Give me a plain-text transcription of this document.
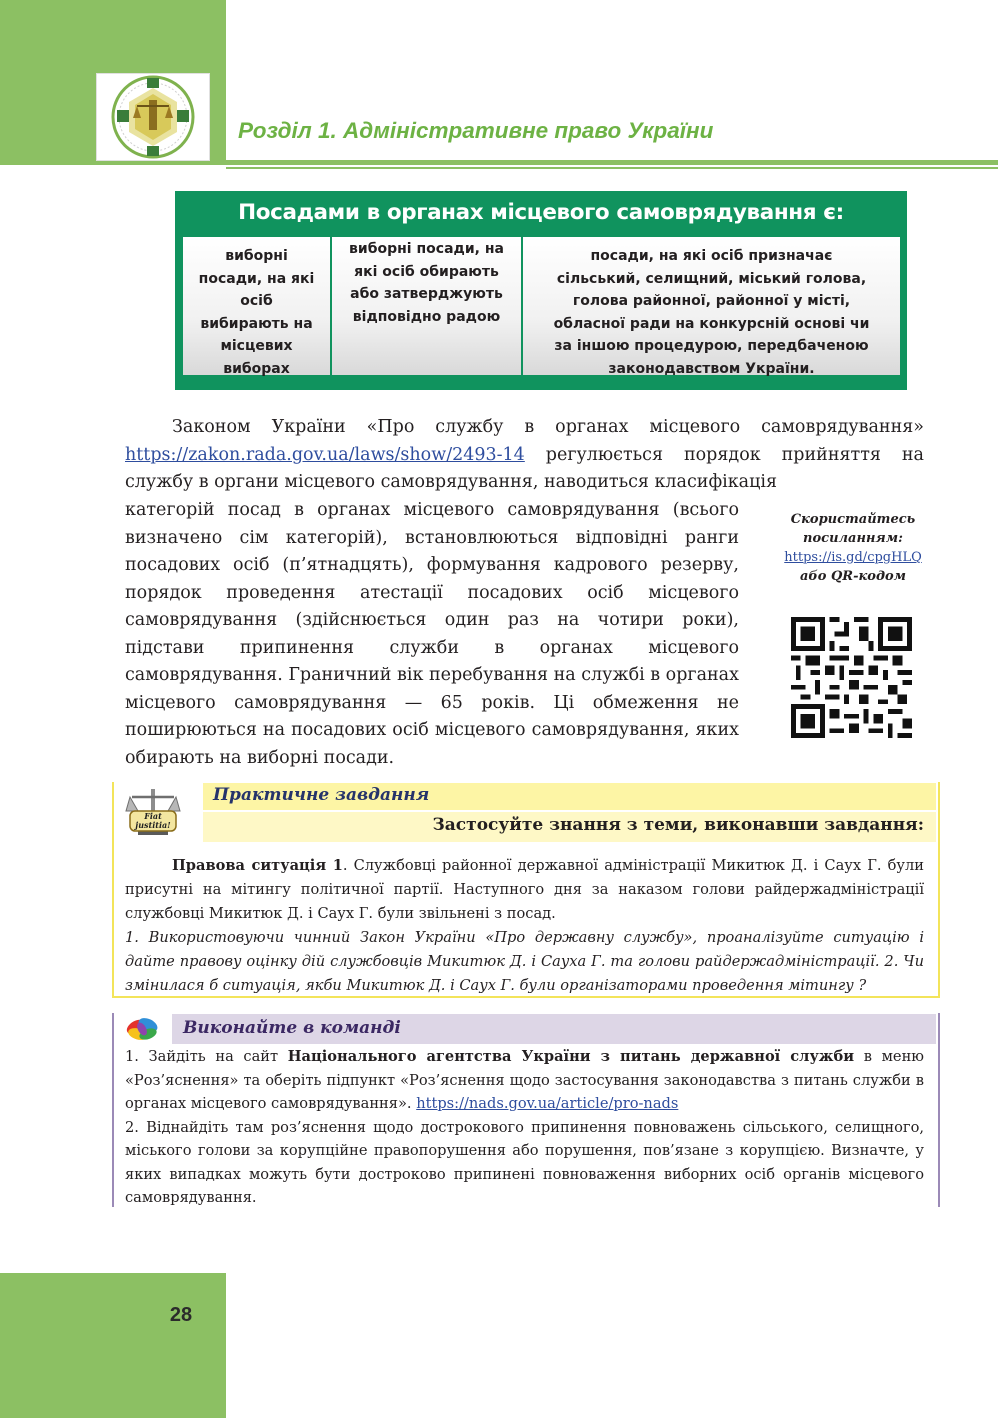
Розділ 1. Адміністративне право України
Посадами в органах місцевого самоврядування є:
виборні посади, на які осіб вибирають на місцевих виборах
виборні посади, на які осіб обирають або затверджують відповідно радою
посади, на які осіб призначає сільський, селищний, міський голова, голова районної, районної у місті, обласної ради на конкурсній основі чи за іншою процедурою, передбаченою законодавством України.
Законом України «Про службу в органах місцевого самоврядування» https://zakon.rada.gov.ua/laws/show/2493-14 регулюється порядок прийняття на службу в органи місцевого самоврядування, наводиться класифікація
категорій посад в органах місцевого самоврядування (всього визначено сім категорій), встановлюються відповідні ранги посадових осіб (п’ятнадцять), формування кадрового резерву, порядок проведення атестації посадових осіб місцевого самоврядування (здійснюється один раз на чотири роки), підстави припинення служби в органах місцевого самоврядування. Граничний вік перебування на службі в органах місцевого самоврядування — 65 років. Ці обмеження не поширюються на посадових осіб місцевого самоврядування, яких обирають на виборні посади.
Скористайтесь посиланням:
https://is.gd/cpgHLQ
або QR-кодом
Fiat
justitia!
Практичне завдання
Застосуйте знання з теми, виконавши завдання:
Правова ситуація 1. Службовці районної державної адміністрації Микитюк Д. і Саух Г. були присутні на мітингу політичної партії. Наступного дня за наказом голови райдержадміністрації службовці Микитюк Д. і Саух Г. були звільнені з посад.
1. Використовуючи чинний Закон України «Про державну службу», проаналізуйте ситуацію і дайте правову оцінку дій службовців Микитюк Д. і Сауха Г. та голови райдержадміністрації. 2. Чи змінилася б ситуація, якби Микитюк Д. і Саух Г. були організаторами проведення мітингу ?
Виконайте в команді
1. Зайдіть на сайт Національного агентства України з питань державної служби в меню «Роз’яснення» та оберіть підпункт «Роз’яснення щодо застосування законодавства з питань служби в органах місцевого самоврядування». https://nads.gov.ua/article/pro-nads
2. Віднайдіть там роз’яснення щодо дострокового припинення повноважень сільського, селищного, міського голови за корупційне правопорушення або порушення, пов’язане з корупцією. Визначте, у яких випадках можуть бути достроково припинені повноваження виборних осіб органів місцевого самоврядування.
28
